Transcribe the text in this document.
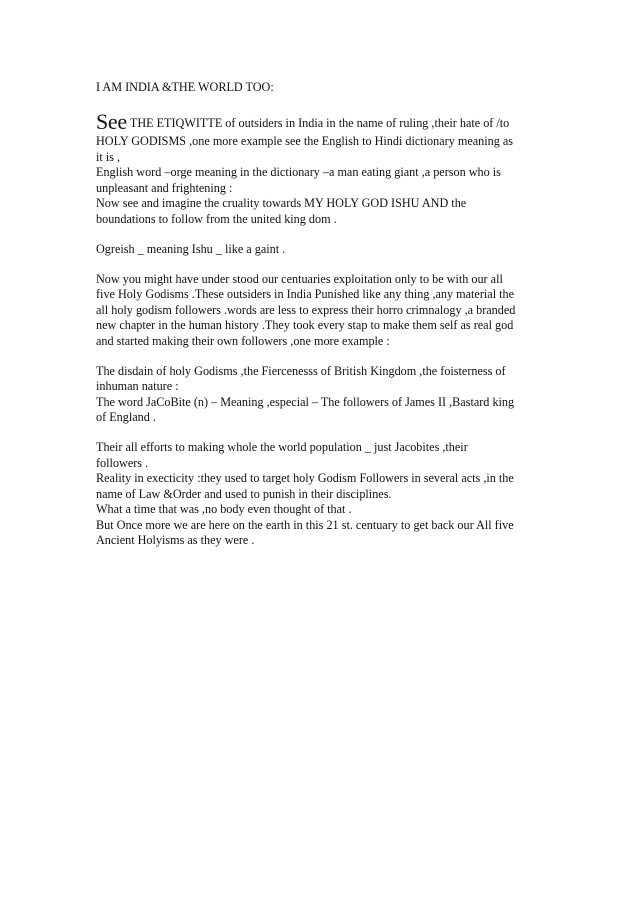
I AM INDIA &THE WORLD TOO:
See THE ETIQWITTE of outsiders in India in the name of ruling ,their hate of /to
HOLY GODISMS ,one more example see the English to Hindi dictionary meaning as
it is ,
English word –orge meaning in the dictionary –a man eating giant ,a person who is
unpleasant and frightening :
Now see and imagine the cruality towards MY HOLY GOD ISHU AND the
boundations to follow from the united king dom .
Ogreish _ meaning Ishu _ like a gaint .
Now you might have under stood our centuaries exploitation only to be with our all
five Holy Godisms .These outsiders in India Punished like any thing ,any material the
all holy godism followers .words are less to express their horro crimnalogy ,a branded
new chapter in the human history .They took every stap to make them self as real god
and started making their own followers ,one more example :
The disdain of holy Godisms ,the Fiercenesss of British Kingdom ,the foisterness of
inhuman nature :
The word JaCoBite (n) – Meaning ,especial – The followers of James II ,Bastard king
of England .
Their all efforts to making whole the world population _ just Jacobites ,their
followers .
Reality in execticity :they used to target holy Godism Followers in several acts ,in the
name of Law &Order and used to punish in their disciplines.
What a time that was ,no body even thought of that .
But Once more we are here on the earth in this 21 st. centuary to get back our All five
Ancient Holyisms as they were .
